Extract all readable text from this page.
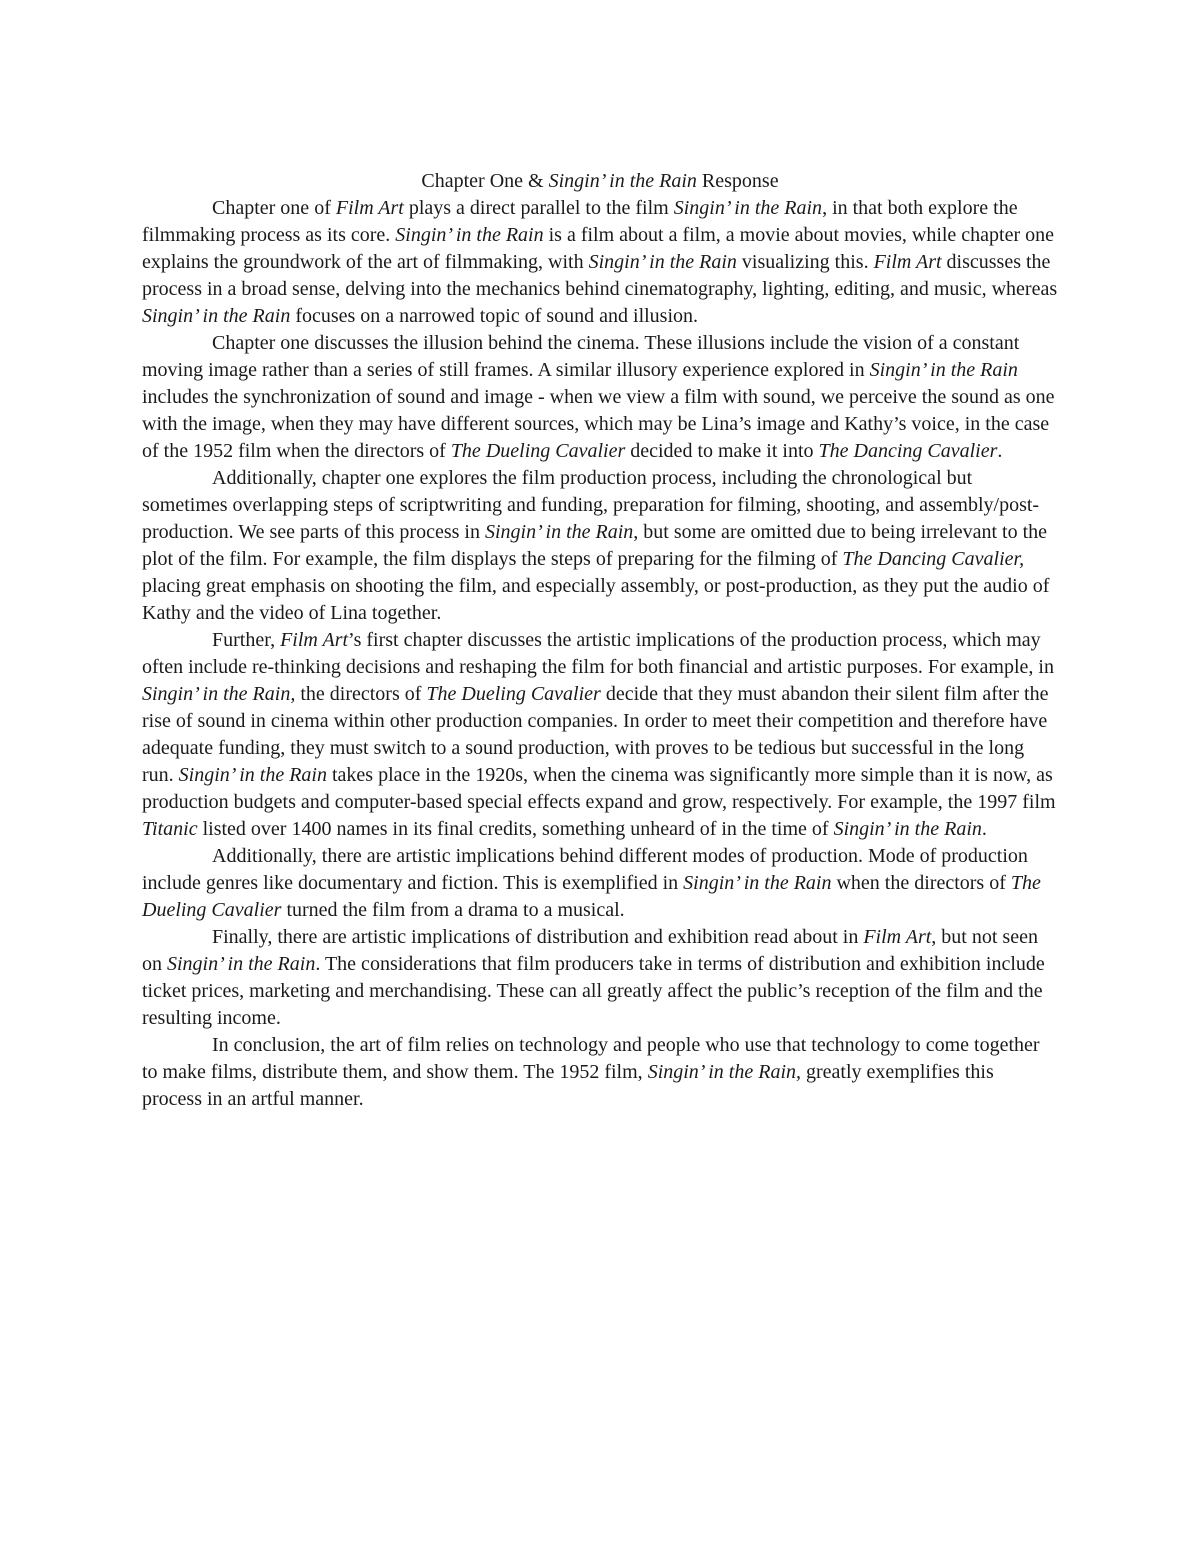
Chapter One & Singin’ in the Rain Response

Chapter one of Film Art plays a direct parallel to the film Singin’ in the Rain, in that both explore the filmmaking process as its core. Singin’ in the Rain is a film about a film, a movie about movies, while chapter one explains the groundwork of the art of filmmaking, with Singin’ in the Rain visualizing this. Film Art discusses the process in a broad sense, delving into the mechanics behind cinematography, lighting, editing, and music, whereas Singin’ in the Rain focuses on a narrowed topic of sound and illusion.

Chapter one discusses the illusion behind the cinema. These illusions include the vision of a constant moving image rather than a series of still frames. A similar illusory experience explored in Singin’ in the Rain includes the synchronization of sound and image - when we view a film with sound, we perceive the sound as one with the image, when they may have different sources, which may be Lina’s image and Kathy’s voice, in the case of the 1952 film when the directors of The Dueling Cavalier decided to make it into The Dancing Cavalier.

Additionally, chapter one explores the film production process, including the chronological but sometimes overlapping steps of scriptwriting and funding, preparation for filming, shooting, and assembly/post-production. We see parts of this process in Singin’ in the Rain, but some are omitted due to being irrelevant to the plot of the film. For example, the film displays the steps of preparing for the filming of The Dancing Cavalier, placing great emphasis on shooting the film, and especially assembly, or post-production, as they put the audio of Kathy and the video of Lina together.

Further, Film Art’s first chapter discusses the artistic implications of the production process, which may often include re-thinking decisions and reshaping the film for both financial and artistic purposes. For example, in Singin’ in the Rain, the directors of The Dueling Cavalier decide that they must abandon their silent film after the rise of sound in cinema within other production companies. In order to meet their competition and therefore have adequate funding, they must switch to a sound production, with proves to be tedious but successful in the long run. Singin’ in the Rain takes place in the 1920s, when the cinema was significantly more simple than it is now, as production budgets and computer-based special effects expand and grow, respectively. For example, the 1997 film Titanic listed over 1400 names in its final credits, something unheard of in the time of Singin’ in the Rain.

Additionally, there are artistic implications behind different modes of production. Mode of production include genres like documentary and fiction. This is exemplified in Singin’ in the Rain when the directors of The Dueling Cavalier turned the film from a drama to a musical.

Finally, there are artistic implications of distribution and exhibition read about in Film Art, but not seen on Singin’ in the Rain. The considerations that film producers take in terms of distribution and exhibition include ticket prices, marketing and merchandising. These can all greatly affect the public’s reception of the film and the resulting income.

In conclusion, the art of film relies on technology and people who use that technology to come together to make films, distribute them, and show them. The 1952 film, Singin’ in the Rain, greatly exemplifies this process in an artful manner.
